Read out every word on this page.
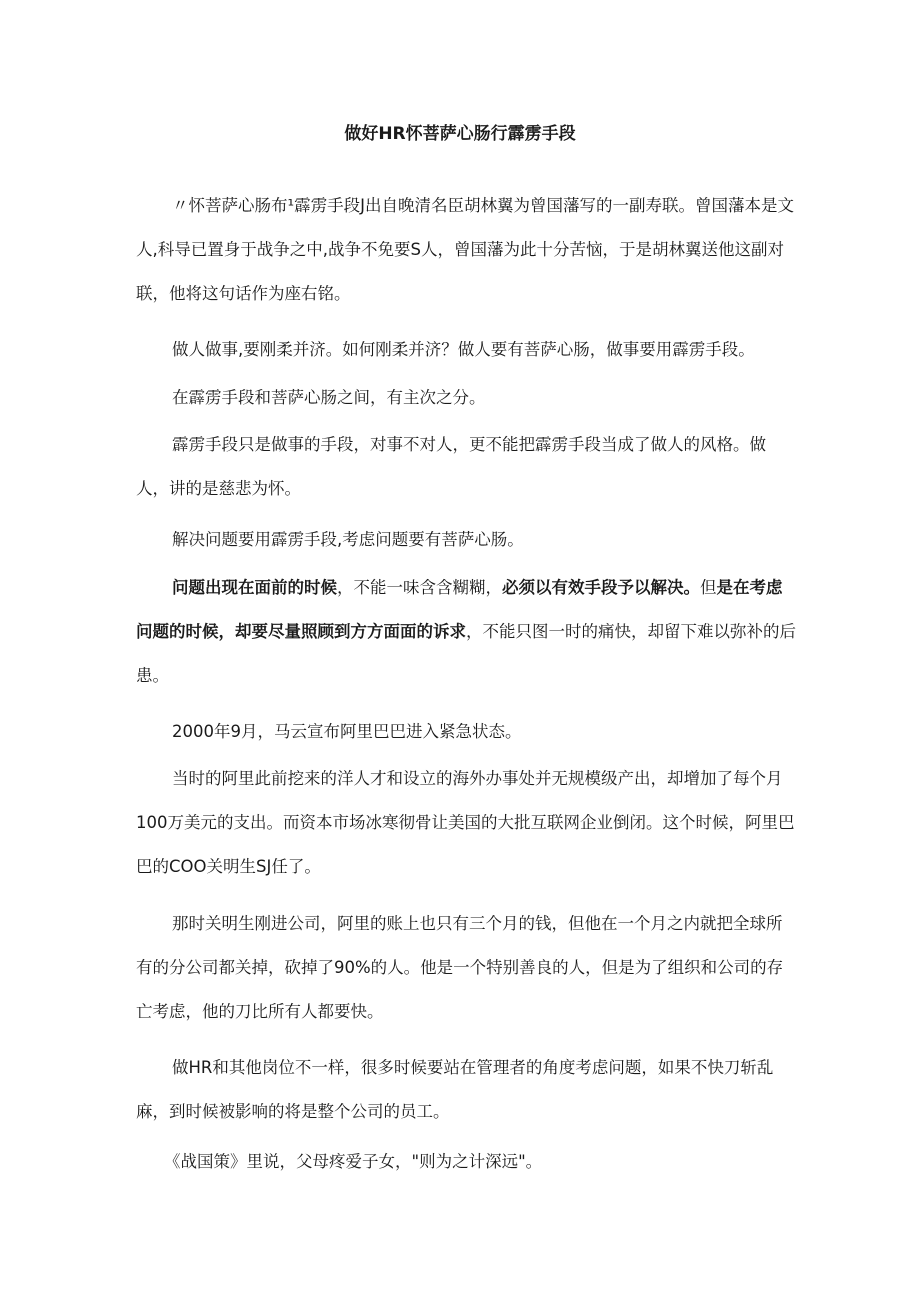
做好HR怀菩萨心肠行霹雳手段

〃怀菩萨心肠布¹霹雳手段J出自晚清名臣胡林翼为曾国藩写的一副寿联。曾国藩本是文人,科导已置身于战争之中,战争不免要S人，曾国藩为此十分苦恼，于是胡林翼送他这副对联，他将这句话作为座右铭。

做人做事,要刚柔并济。如何刚柔并济？做人要有菩萨心肠，做事要用霹雳手段。

在霹雳手段和菩萨心肠之间，有主次之分。

霹雳手段只是做事的手段，对事不对人，更不能把霹雳手段当成了做人的风格。做人，讲的是慈悲为怀。

解决问题要用霹雳手段,考虑问题要有菩萨心肠。

问题出现在面前的时候，不能一味含含糊糊，必须以有效手段予以解决。但是在考虑问题的时候，却要尽量照顾到方方面面的诉求，不能只图一时的痛快，却留下难以弥补的后患。

2000年9月，马云宣布阿里巴巴进入紧急状态。

当时的阿里此前挖来的洋人才和设立的海外办事处并无规模级产出，却增加了每个月100万美元的支出。而资本市场冰寒彻骨让美国的大批互联网企业倒闭。这个时候，阿里巴巴的COO关明生SJ任了。

那时关明生刚进公司，阿里的账上也只有三个月的钱，但他在一个月之内就把全球所有的分公司都关掉，砍掉了90%的人。他是一个特别善良的人，但是为了组织和公司的存亡考虑，他的刀比所有人都要快。

做HR和其他岗位不一样，很多时候要站在管理者的角度考虑问题，如果不快刀斩乱麻，到时候被影响的将是整个公司的员工。

《战国策》里说，父母疼爱子女，"则为之计深远"。
